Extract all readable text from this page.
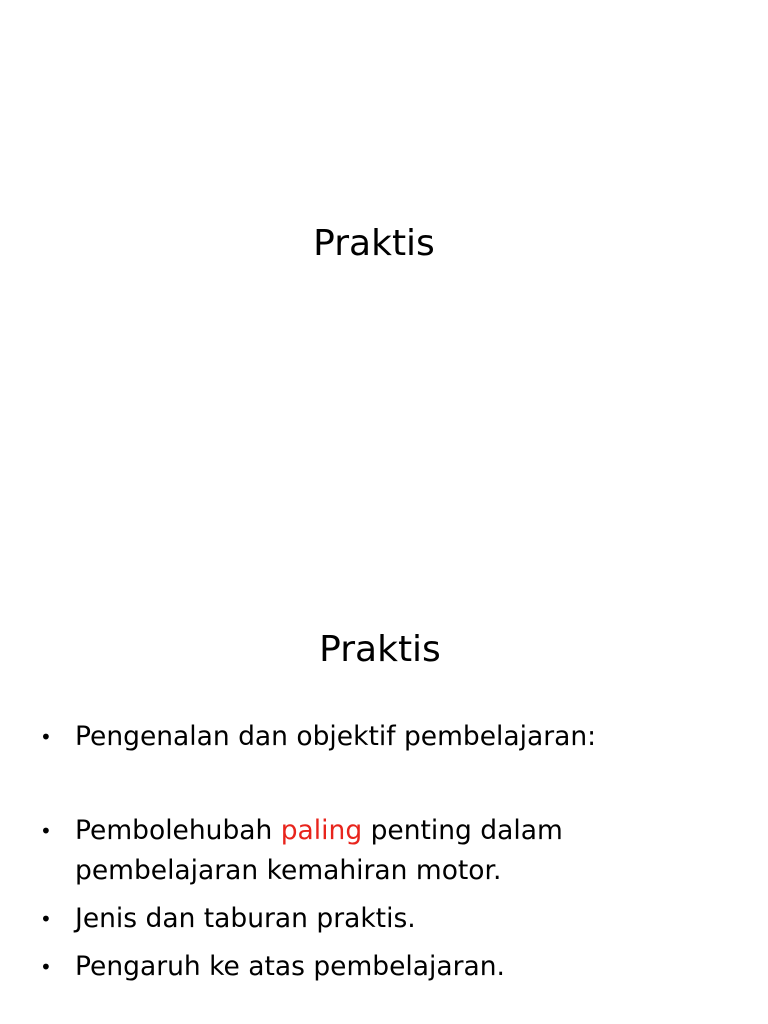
Praktis
Praktis
• Pengenalan dan objektif pembelajaran:
• Pembolehubah paling penting dalam pembelajaran kemahiran motor.
• Jenis dan taburan praktis.
• Pengaruh ke atas pembelajaran.
